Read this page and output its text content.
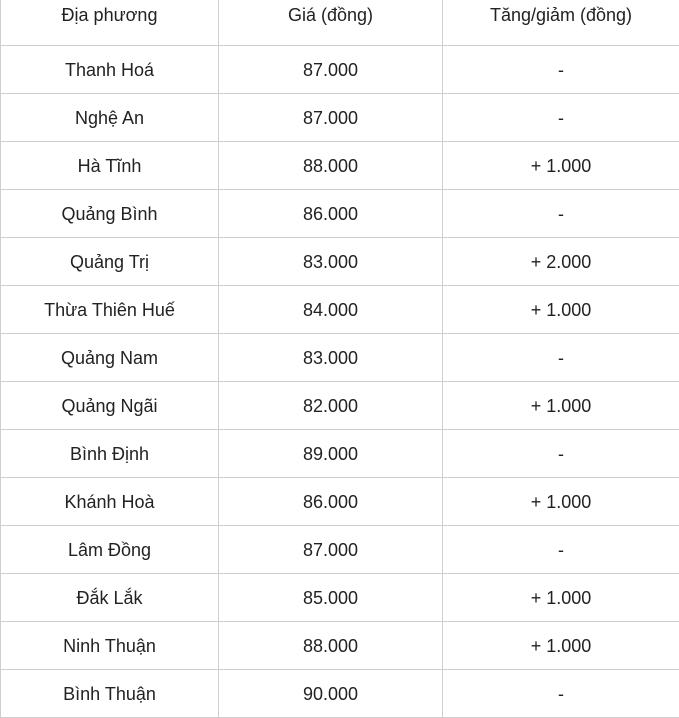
Địa phương	Giá (đồng)	Tăng/giảm (đồng)
Thanh Hoá	87.000	-
Nghệ An	87.000	-
Hà Tĩnh	88.000	+ 1.000
Quảng Bình	86.000	-
Quảng Trị	83.000	+ 2.000
Thừa Thiên Huế	84.000	+ 1.000
Quảng Nam	83.000	-
Quảng Ngãi	82.000	+ 1.000
Bình Định	89.000	-
Khánh Hoà	86.000	+ 1.000
Lâm Đồng	87.000	-
Đắk Lắk	85.000	+ 1.000
Ninh Thuận	88.000	+ 1.000
Bình Thuận	90.000	-
